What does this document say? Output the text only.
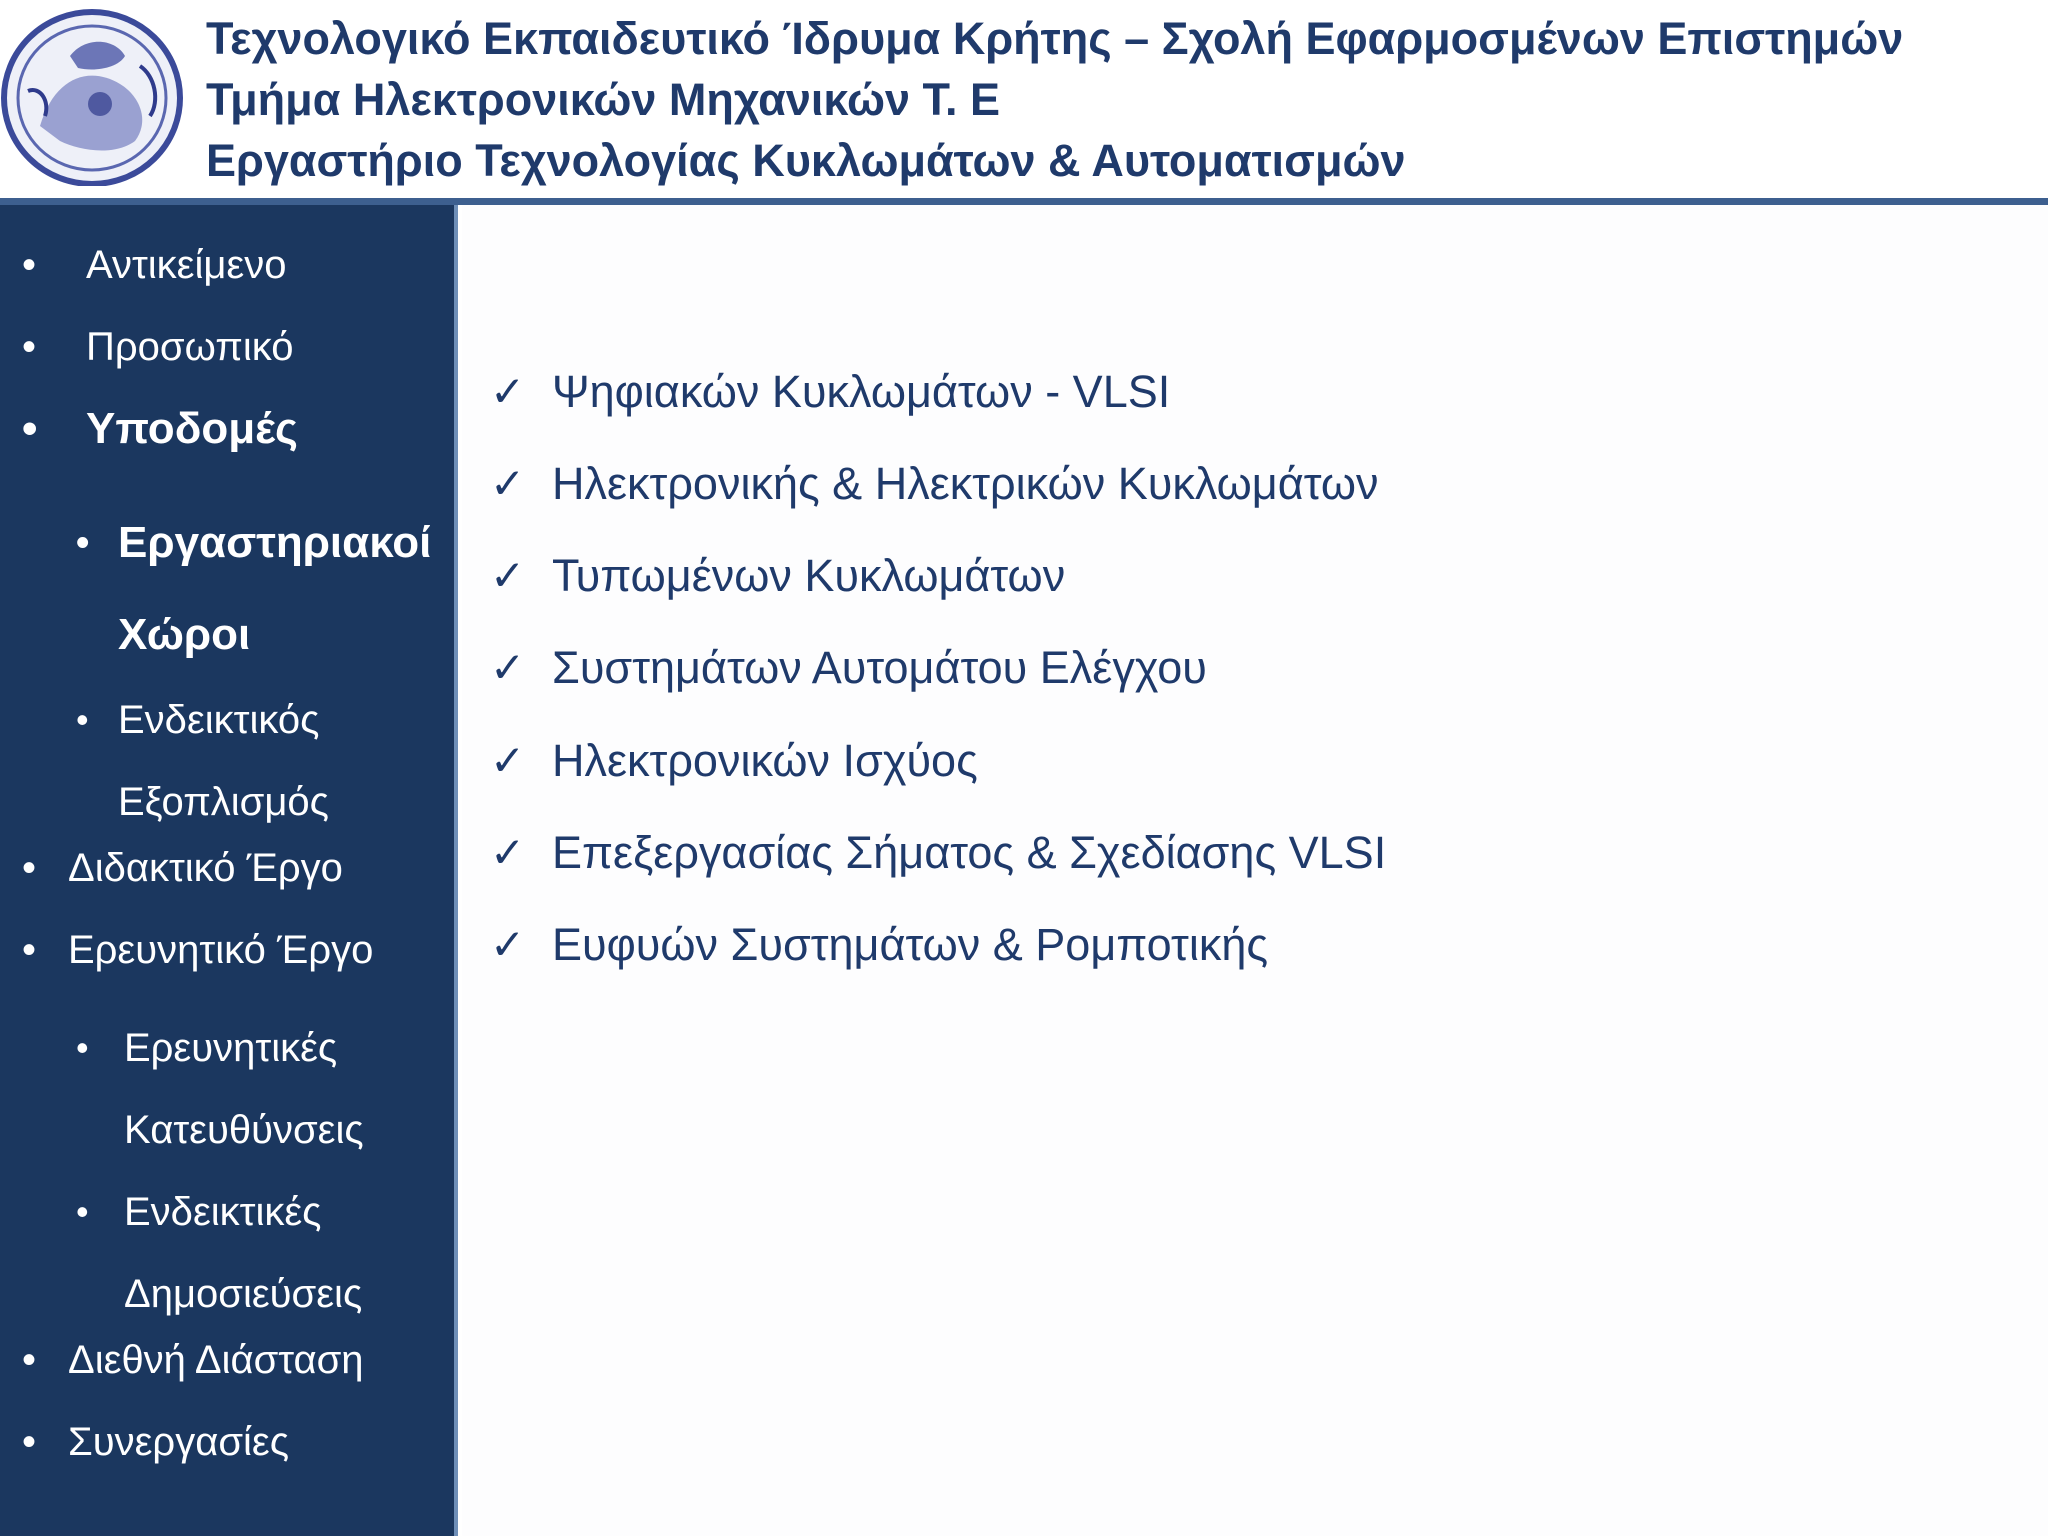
Τεχνολογικό Εκπαιδευτικό Ίδρυμα Κρήτης – Σχολή Εφαρμοσμένων Επιστημών
Τμήμα Ηλεκτρονικών Μηχανικών Τ. Ε
Εργαστήριο Τεχνολογίας Κυκλωμάτων & Αυτοματισμών
• Αντικείμενο
• Προσωπικό
• Υποδομές
• Εργαστηριακοί
Χώροι
• Ενδεικτικός
Εξοπλισμός
• Διδακτικό Έργο
• Ερευνητικό Έργο
• Ερευνητικές
Κατευθύνσεις
• Ενδεικτικές
Δημοσιεύσεις
• Διεθνή Διάσταση
• Συνεργασίες
✓ Ψηφιακών Κυκλωμάτων - VLSI
✓ Ηλεκτρονικής & Ηλεκτρικών Κυκλωμάτων
✓ Τυπωμένων Κυκλωμάτων
✓ Συστημάτων Αυτομάτου Ελέγχου
✓ Ηλεκτρονικών Ισχύος
✓ Επεξεργασίας Σήματος & Σχεδίασης VLSI
✓ Ευφυών Συστημάτων & Ρομποτικής
